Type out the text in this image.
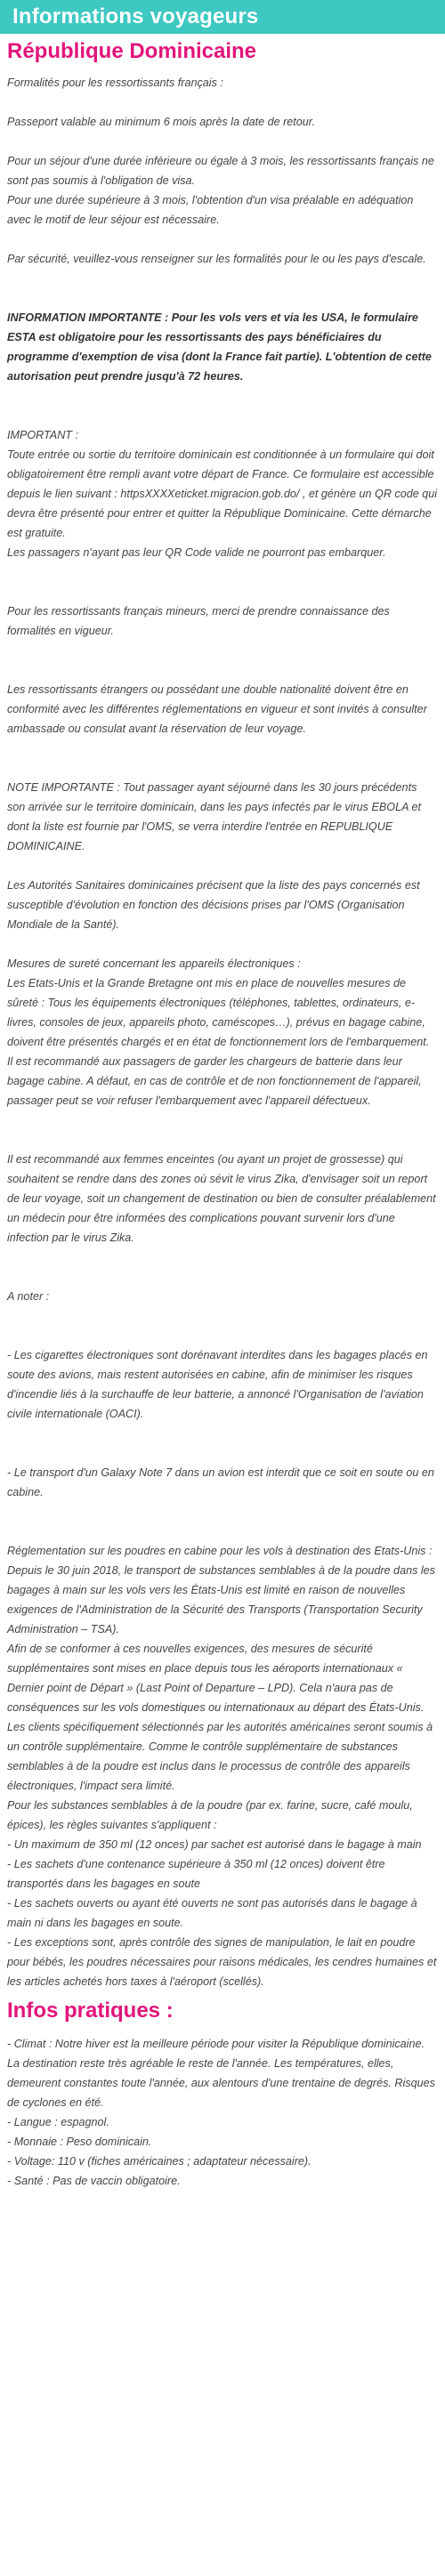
Informations voyageurs
République Dominicaine

Formalités pour les ressortissants français :

Passeport valable au minimum 6 mois après la date de retour.

Pour un séjour d'une durée inférieure ou égale à 3 mois, les ressortissants français ne sont pas soumis à l'obligation de visa.
Pour une durée supérieure à 3 mois, l'obtention d'un visa préalable en adéquation avec le motif de leur séjour est nécessaire.

Par sécurité, veuillez-vous renseigner sur les formalités pour le ou les pays d'escale.

INFORMATION IMPORTANTE : Pour les vols vers et via les USA, le formulaire ESTA est obligatoire pour les ressortissants des pays bénéficiaires du programme d'exemption de visa (dont la France fait partie). L'obtention de cette autorisation peut prendre jusqu'à 72 heures.

IMPORTANT :
Toute entrée ou sortie du territoire dominicain est conditionnée à un formulaire qui doit obligatoirement être rempli avant votre départ de France. Ce formulaire est accessible depuis le lien suivant : httpsXXXXeticket.migracion.gob.do/ , et génère un QR code qui devra être présenté pour entrer et quitter la République Dominicaine. Cette démarche est gratuite.
Les passagers n'ayant pas leur QR Code valide ne pourront pas embarquer.

Pour les ressortissants français mineurs, merci de prendre connaissance des formalités en vigueur.

Les ressortissants étrangers ou possédant une double nationalité doivent être en conformité avec les différentes réglementations en vigueur et sont invités à consulter ambassade ou consulat avant la réservation de leur voyage.

NOTE IMPORTANTE : Tout passager ayant séjourné dans les 30 jours précédents son arrivée sur le territoire dominicain, dans les pays infectés par le virus EBOLA et dont la liste est fournie par l'OMS, se verra interdire l'entrée en REPUBLIQUE DOMINICAINE.

Les Autorités Sanitaires dominicaines précisent que la liste des pays concernés est susceptible d'évolution en fonction des décisions prises par l'OMS (Organisation Mondiale de la Santé).

Mesures de sureté concernant les appareils électroniques :
Les Etats-Unis et la Grande Bretagne ont mis en place de nouvelles mesures de sûreté : Tous les équipements électroniques (téléphones, tablettes, ordinateurs, e-livres, consoles de jeux, appareils photo, caméscopes…), prévus en bagage cabine, doivent être présentés chargés et en état de fonctionnement lors de l'embarquement.
Il est recommandé aux passagers de garder les chargeurs de batterie dans leur bagage cabine. A défaut, en cas de contrôle et de non fonctionnement de l'appareil, passager peut se voir refuser l'embarquement avec l'appareil défectueux.

Il est recommandé aux femmes enceintes (ou ayant un projet de grossesse) qui souhaitent se rendre dans des zones où sévit le virus Zika, d'envisager soit un report de leur voyage, soit un changement de destination ou bien de consulter préalablement un médecin pour être informées des complications pouvant survenir lors d'une infection par le virus Zika.

A noter :

- Les cigarettes électroniques sont dorénavant interdites dans les bagages placés en soute des avions, mais restent autorisées en cabine, afin de minimiser les risques d'incendie liés à la surchauffe de leur batterie, a annoncé l'Organisation de l'aviation civile internationale (OACI).

- Le transport d'un Galaxy Note 7 dans un avion est interdit que ce soit en soute ou en cabine.

Réglementation sur les poudres en cabine pour les vols à destination des Etats-Unis :
Depuis le 30 juin 2018, le transport de substances semblables à de la poudre dans les bagages à main sur les vols vers les États-Unis est limité en raison de nouvelles exigences de l'Administration de la Sécurité des Transports (Transportation Security Administration – TSA).
Afin de se conformer à ces nouvelles exigences, des mesures de sécurité supplémentaires sont mises en place depuis tous les aéroports internationaux « Dernier point de Départ » (Last Point of Departure – LPD). Cela n'aura pas de conséquences sur les vols domestiques ou internationaux au départ des États-Unis.
Les clients spécifiquement sélectionnés par les autorités américaines seront soumis à un contrôle supplémentaire. Comme le contrôle supplémentaire de substances semblables à de la poudre est inclus dans le processus de contrôle des appareils électroniques, l'impact sera limité.
Pour les substances semblables à de la poudre (par ex. farine, sucre, café moulu, épices), les règles suivantes s'appliquent :
- Un maximum de 350 ml (12 onces) par sachet est autorisé dans le bagage à main
- Les sachets d'une contenance supérieure à 350 ml (12 onces) doivent être transportés dans les bagages en soute
- Les sachets ouverts ou ayant été ouverts ne sont pas autorisés dans le bagage à main ni dans les bagages en soute.
- Les exceptions sont, après contrôle des signes de manipulation, le lait en poudre pour bébés, les poudres nécessaires pour raisons médicales, les cendres humaines et les articles achetés hors taxes à l'aéroport (scellés).

Infos pratiques :

- Climat : Notre hiver est la meilleure période pour visiter la République dominicaine. La destination reste très agréable le reste de l'année. Les températures, elles, demeurent constantes toute l'année, aux alentours d'une trentaine de degrés. Risques de cyclones en été.
- Langue : espagnol.
- Monnaie : Peso dominicain.
- Voltage: 110 v (fiches américaines ; adaptateur nécessaire).
- Santé : Pas de vaccin obligatoire.
